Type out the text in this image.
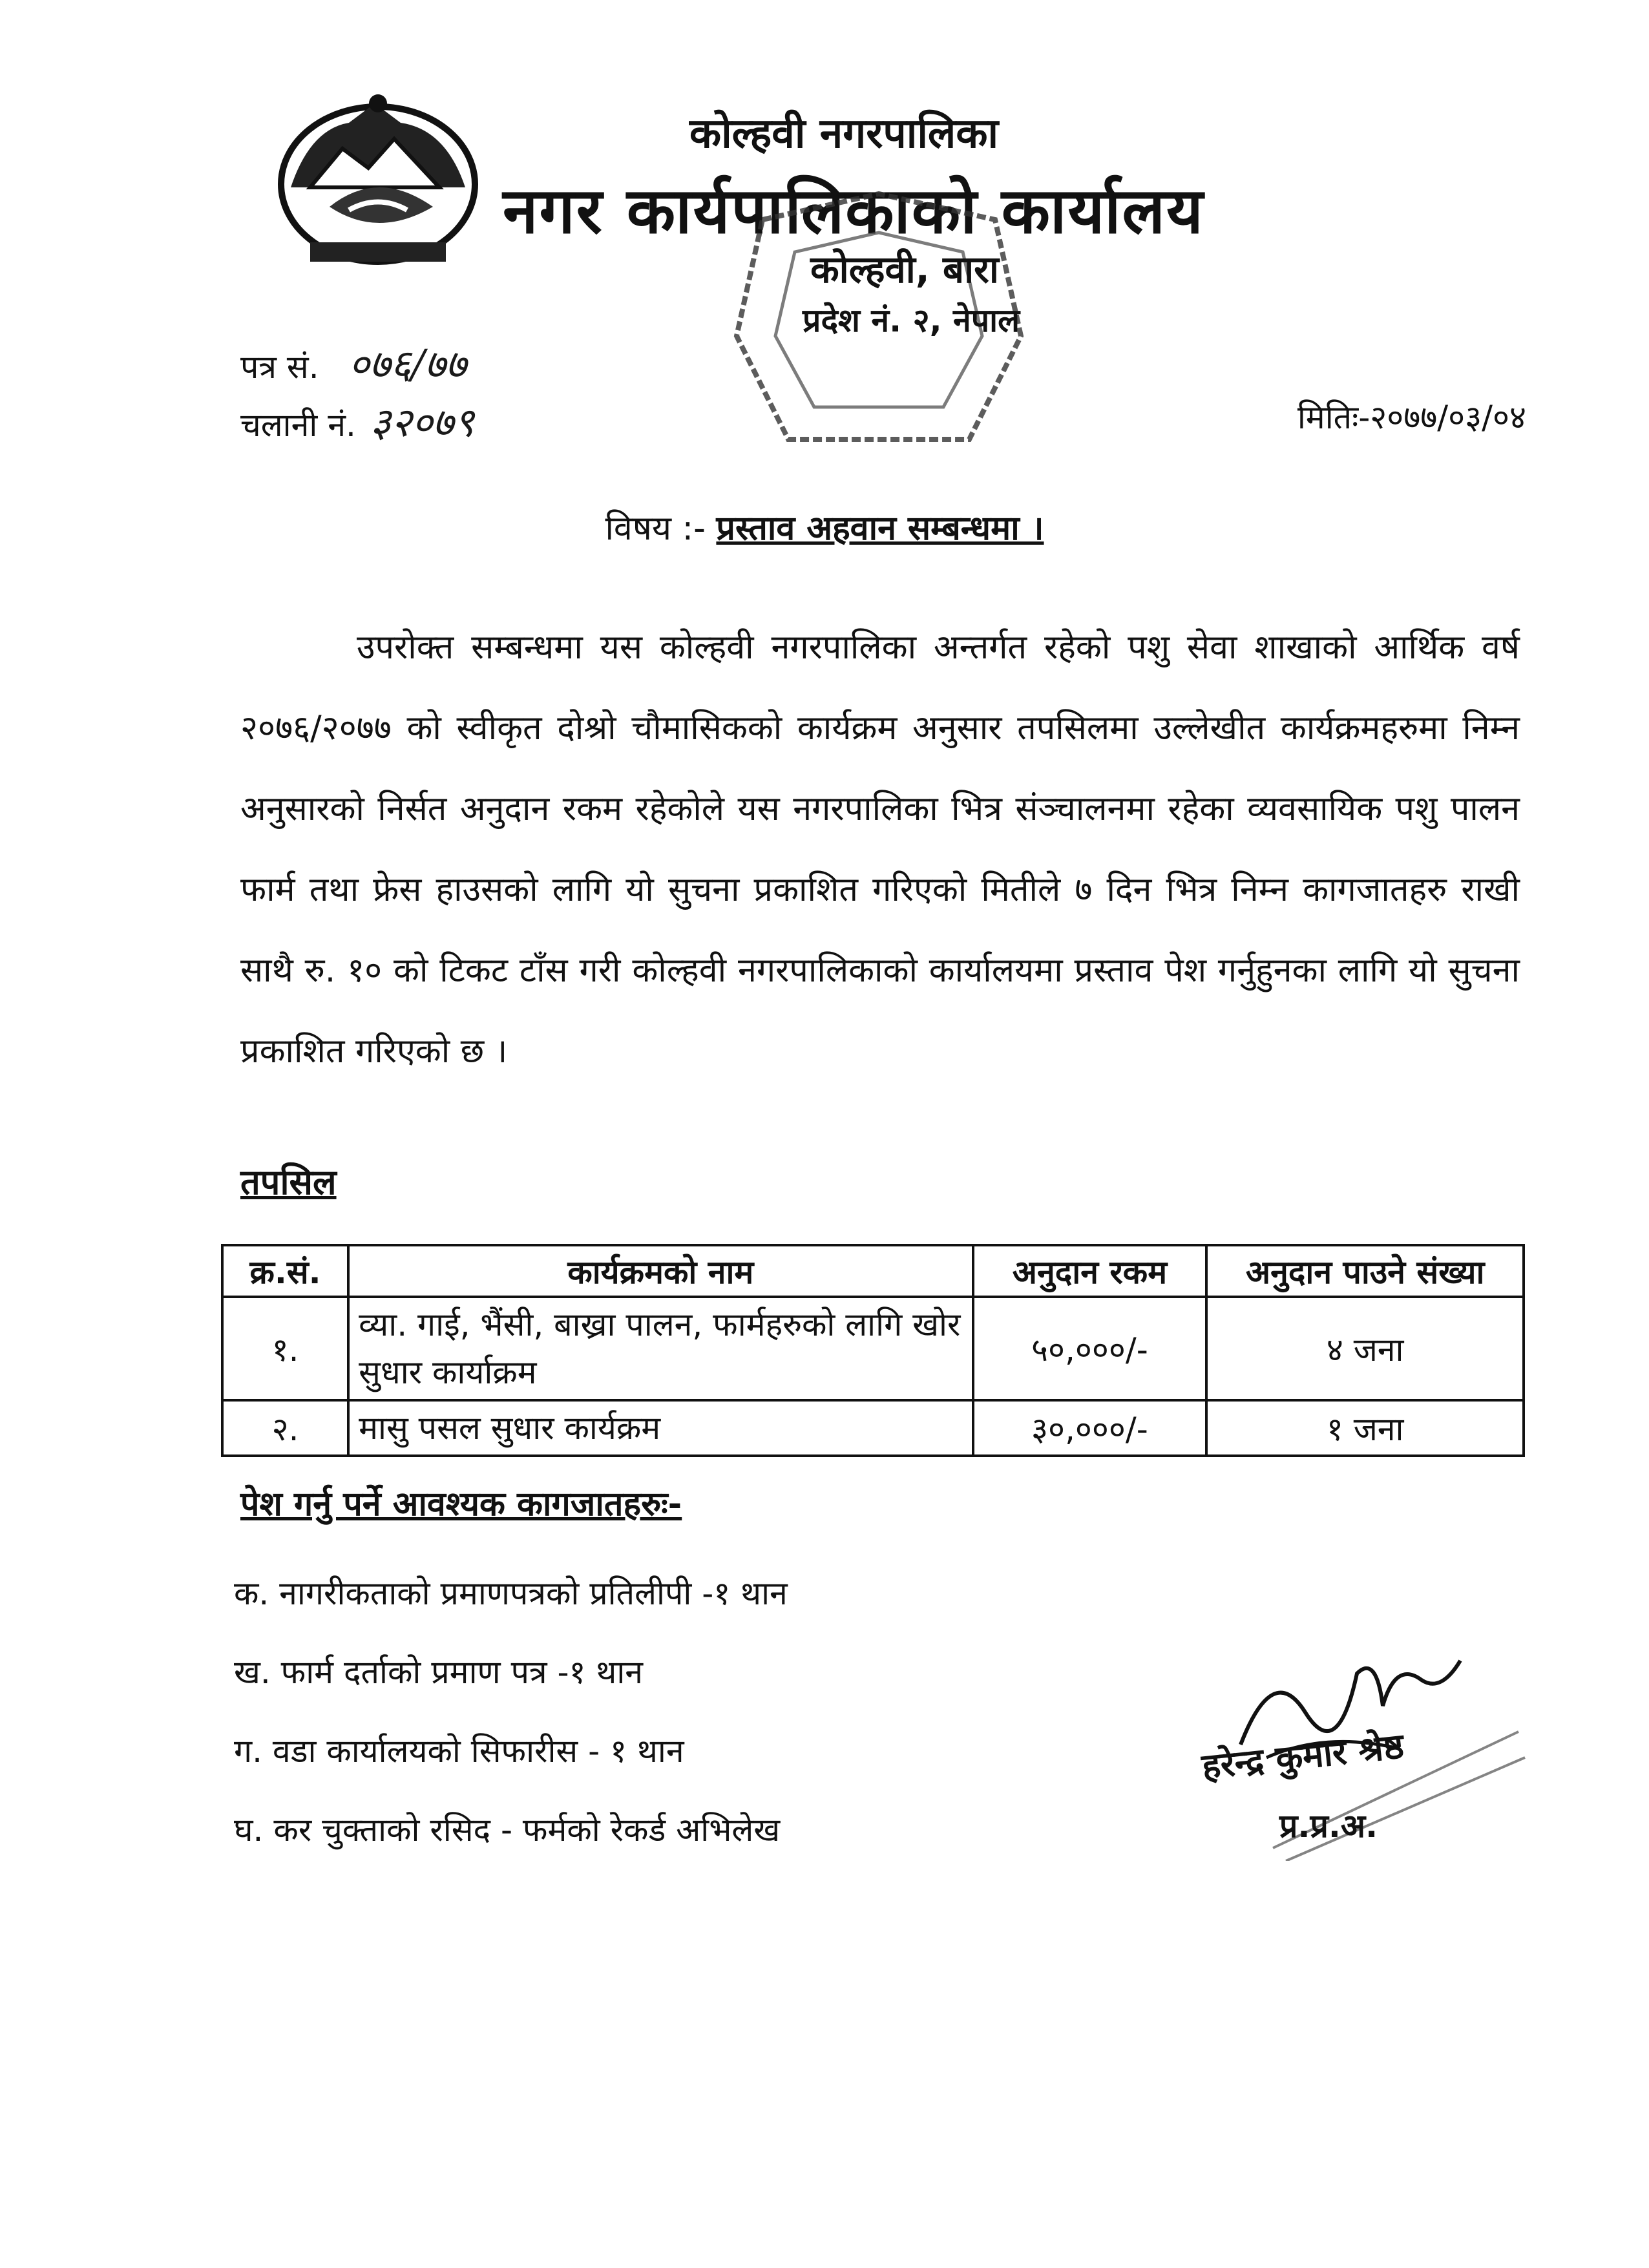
कोल्हवी नगरपालिका
नगर कार्यपालिकाको कार्यालय
कोल्हवी, बारा
प्रदेश नं. २, नेपाल
पत्र सं. ०७६/७७
चलानी नं. ३२०७९	मितिः-२०७७/०३/०४
विषय :- प्रस्ताव अहवान सम्बन्धमा ।

उपरोक्त सम्बन्धमा यस कोल्हवी नगरपालिका अन्तर्गत रहेको पशु सेवा शाखाको आर्थिक वर्ष २०७६/२०७७ को स्वीकृत दोश्रो चौमासिकको कार्यक्रम अनुसार तपसिलमा उल्लेखीत कार्यक्रमहरुमा निम्न अनुसारको निर्सत अनुदान रकम रहेकोले यस नगरपालिका भित्र संञ्चालनमा रहेका व्यवसायिक पशु पालन फार्म तथा फ्रेस हाउसको लागि यो सुचना प्रकाशित गरिएको मितीले ७ दिन भित्र निम्न कागजातहरु राखी साथै रु. १० को टिकट टाँस गरी कोल्हवी नगरपालिकाको कार्यालयमा प्रस्ताव पेश गर्नुहुनका लागि यो सुचना प्रकाशित गरिएको छ ।

तपसिल
क्र.सं.	कार्यक्रमको नाम	अनुदान रकम	अनुदान पाउने संख्या
१.	व्या. गाई, भैंसी, बाख्रा पालन, फार्महरुको लागि खोर सुधार कार्याक्रम	५०,०००/-	४ जना
२.	मासु पसल सुधार कार्यक्रम	३०,०००/-	१ जना
पेश गर्नु पर्ने आवश्यक कागजातहरुः-
क. नागरीकताको प्रमाणपत्रको प्रतिलीपी -१ थान
ख. फार्म दर्ताको प्रमाण पत्र -१ थान
ग. वडा कार्यालयको सिफारीस - १ थान
घ. कर चुक्ताको रसिद - फर्मको रेकर्ड अभिलेख
हरेन्द्र कुमार श्रेष्ठ
प्र.प्र.अ.
